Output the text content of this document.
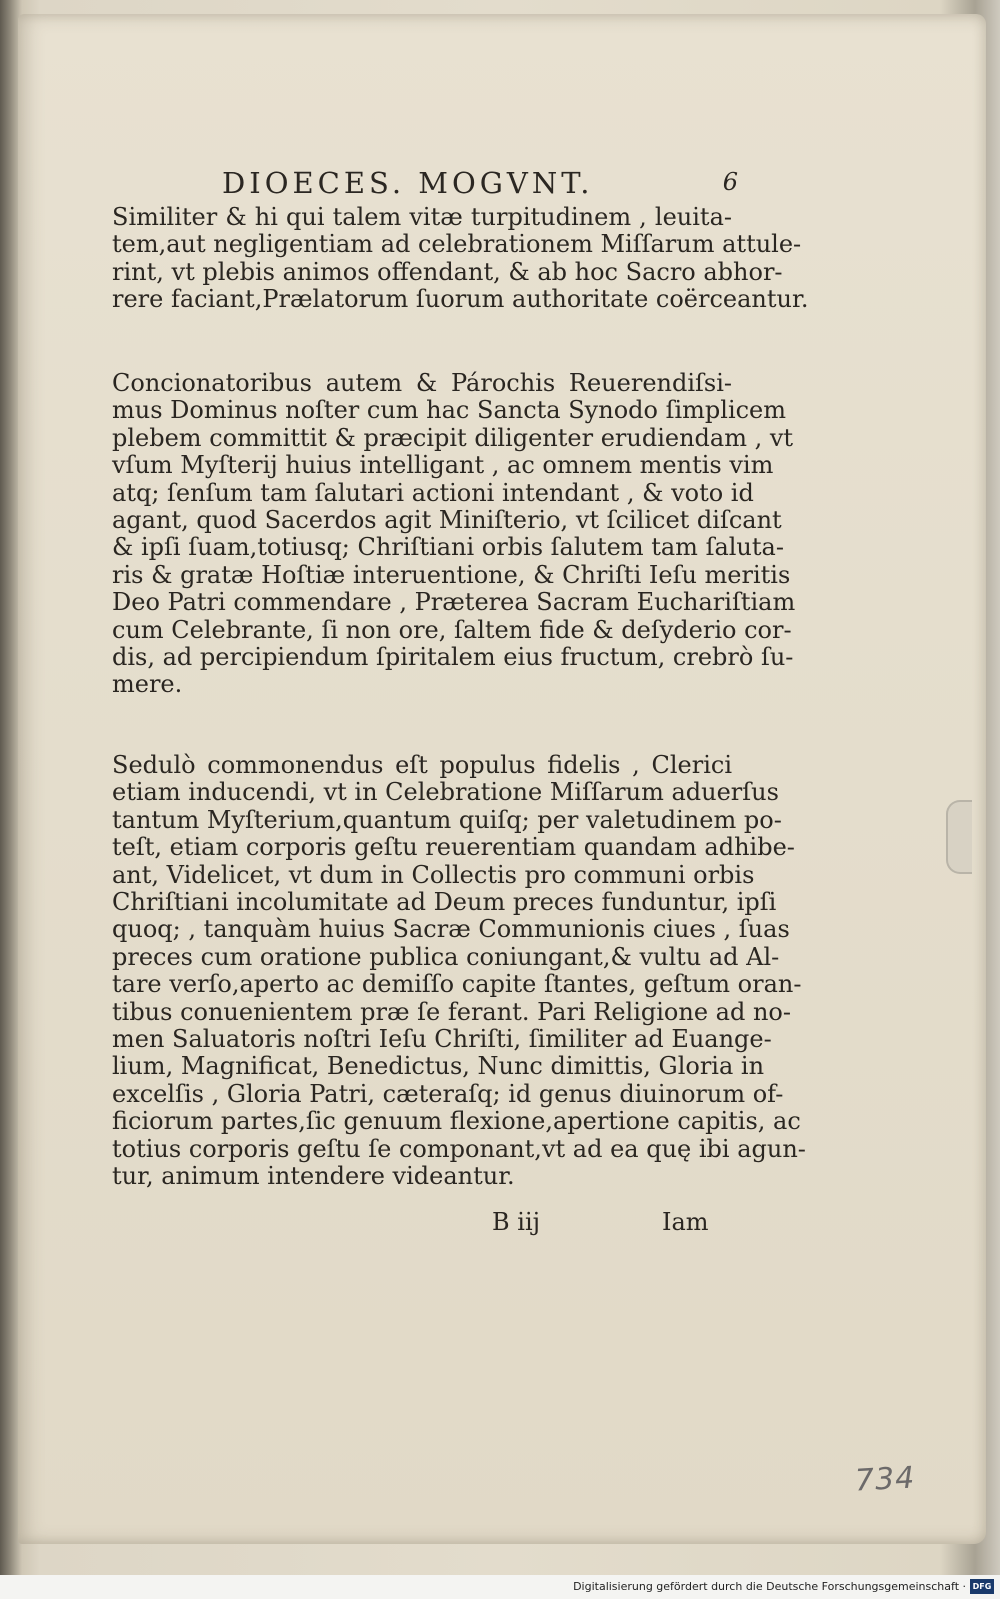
DIOECES. MOGVNT.	6
Similiter & hi qui talem vitæ turpitudinem , leuita-
tem,aut negligentiam ad celebrationem Miſſarum attule-
rint, vt plebis animos offendant, & ab hoc Sacro abhor-
rere faciant,Prælatorum ſuorum authoritate coërceantur.
Concionatoribus autem & Párochis Reuerendiſsi-
mus Dominus noſter cum hac Sancta Synodo ſimplicem
plebem committit & præcipit diligenter erudiendam , vt
vſum Myſterij huius intelligant , ac omnem mentis vim
atq; ſenſum tam ſalutari actioni intendant , & voto id
agant, quod Sacerdos agit Miniſterio, vt ſcilicet diſcant
& ipſi ſuam,totiusq; Chriſtiani orbis ſalutem tam ſaluta-
ris & gratæ Hoſtiæ interuentione, & Chriſti Ieſu meritis
Deo Patri commendare , Præterea Sacram Euchariſtiam
cum Celebrante, ſi non ore, ſaltem fide & deſyderio cor-
dis, ad percipiendum ſpiritalem eius fructum, crebrò ſu-
mere.
Sedulò commonendus eſt populus fidelis , Clerici
etiam inducendi, vt in Celebratione Miſſarum aduerſus
tantum Myſterium,quantum quiſq; per valetudinem po-
teſt, etiam corporis geſtu reuerentiam quandam adhibe-
ant, Videlicet, vt dum in Collectis pro communi orbis
Chriſtiani incolumitate ad Deum preces funduntur, ipſi
quoq; , tanquàm huius Sacræ Communionis ciues , ſuas
preces cum oratione publica coniungant,& vultu ad Al-
tare verſo,aperto ac demiſſo capite ſtantes, geſtum oran-
tibus conuenientem præ ſe ferant. Pari Religione ad no-
men Saluatoris noſtri Ieſu Chriſti, ſimiliter ad Euange-
lium, Magnificat, Benedictus, Nunc dimittis, Gloria in
excelſis , Gloria Patri, cæteraſq; id genus diuinorum of-
ficiorum partes,ſic genuum flexione,apertione capitis, ac
totius corporis geſtu ſe componant,vt ad ea quę ibi agun-
tur, animum intendere videantur.
B iij	Iam
734
Digitalisierung gefördert durch die Deutsche Forschungsgemeinschaft · DFG
